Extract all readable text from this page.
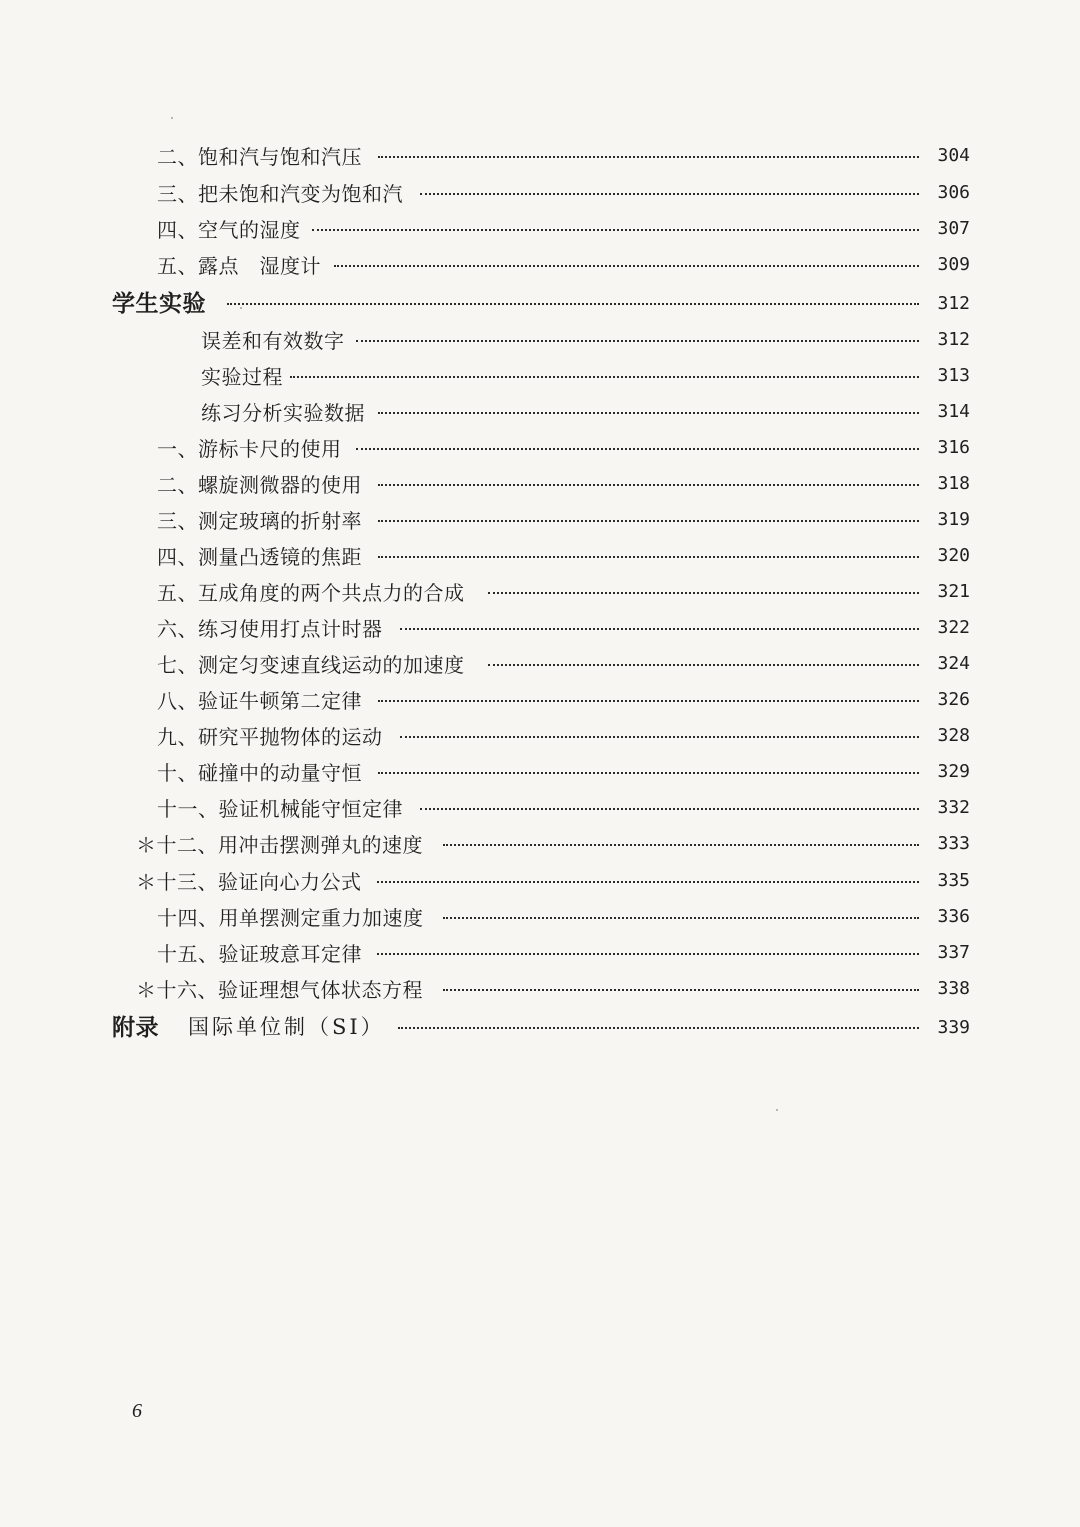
二、饱和汽与饱和汽压	304
三、把未饱和汽变为饱和汽	306
四、空气的湿度	307
五、露点　湿度计	309
学生实验	312
误差和有效数字	312
实验过程	313
练习分析实验数据	314
一、游标卡尺的使用	316
二、螺旋测微器的使用	318
三、测定玻璃的折射率	319
四、测量凸透镜的焦距	320
五、互成角度的两个共点力的合成	321
六、练习使用打点计时器	322
七、测定匀变速直线运动的加速度	324
八、验证牛顿第二定律	326
九、研究平抛物体的运动	328
十、碰撞中的动量守恒	329
十一、验证机械能守恒定律	332
＊十二、用冲击摆测弹丸的速度	333
＊十三、验证向心力公式	335
十四、用单摆测定重力加速度	336
十五、验证玻意耳定律	337
＊十六、验证理想气体状态方程	338
附录 国际单位制（SI）	339
6
